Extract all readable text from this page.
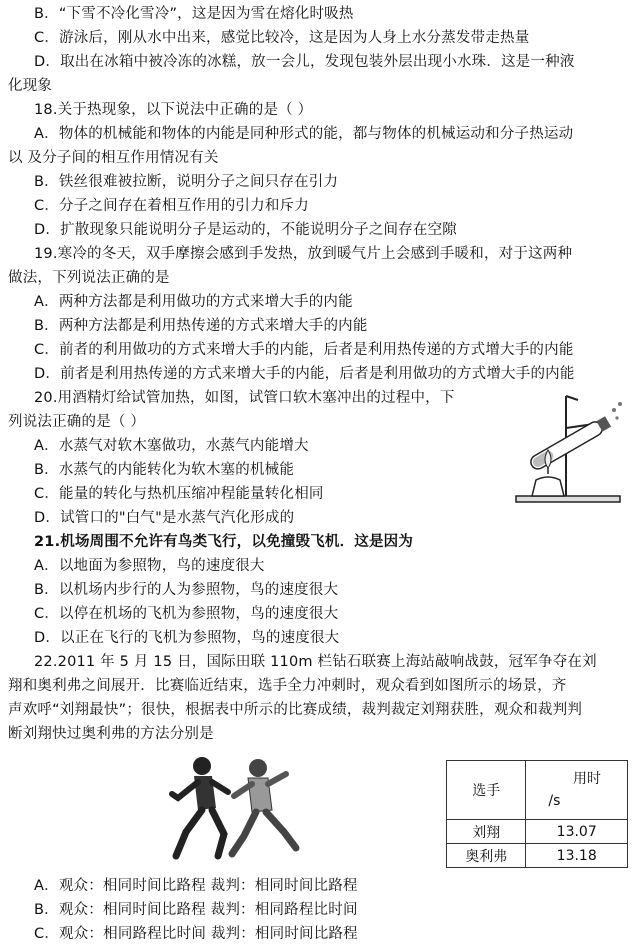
B．“下雪不冷化雪冷”，这是因为雪在熔化时吸热
C．游泳后，刚从水中出来，感觉比较冷，这是因为人身上水分蒸发带走热量
D．取出在冰箱中被冷冻的冰糕，放一会儿，发现包装外层出现小水珠．这是一种液
化现象
18.关于热现象，以下说法中正确的是（ ）
A．物体的机械能和物体的内能是同种形式的能，都与物体的机械运动和分子热运动
以 及分子间的相互作用情况有关
B．铁丝很难被拉断，说明分子之间只存在引力
C．分子之间存在着相互作用的引力和斥力
D．扩散现象只能说明分子是运动的，不能说明分子之间存在空隙
19.寒冷的冬天，双手摩擦会感到手发热，放到暖气片上会感到手暖和，对于这两种
做法，下列说法正确的是
A．两种方法都是利用做功的方式来增大手的内能
B．两种方法都是利用热传递的方式来增大手的内能
C．前者的利用做功的方式来增大手的内能，后者是利用热传递的方式增大手的内能
D．前者是利用热传递的方式来增大手的内能，后者是利用做功的方式增大手的内能
20.用酒精灯给试管加热，如图，试管口软木塞冲出的过程中，下
列说法正确的是（ ）
A．水蒸气对软木塞做功，水蒸气内能增大
B．水蒸气的内能转化为软木塞的机械能
C．能量的转化与热机压缩冲程能量转化相同
D．试管口的"白气"是水蒸气汽化形成的
21.机场周围不允许有鸟类飞行，以免撞毁飞机．这是因为
A．以地面为参照物，鸟的速度很大
B．以机场内步行的人为参照物，鸟的速度很大
C．以停在机场的飞机为参照物，鸟的速度很大
D．以正在飞行的飞机为参照物，鸟的速度很大
22.2011 年 5 月 15 日，国际田联 110m 栏钻石联赛上海站敲响战鼓，冠军争夺在刘
翔和奥利弗之间展开．比赛临近结束，选手全力冲刺时，观众看到如图所示的场景，齐
声欢呼“刘翔最快”；很快，根据表中所示的比赛成绩，裁判裁定刘翔获胜，观众和裁判判
断刘翔快过奥利弗的方法分别是
选手	用时
/s

刘翔	13.07
奥利弗	13.18
A．观众：相同时间比路程 裁判：相同时间比路程
B．观众：相同时间比路程 裁判：相同路程比时间
C．观众：相同路程比时间 裁判：相同时间比路程
